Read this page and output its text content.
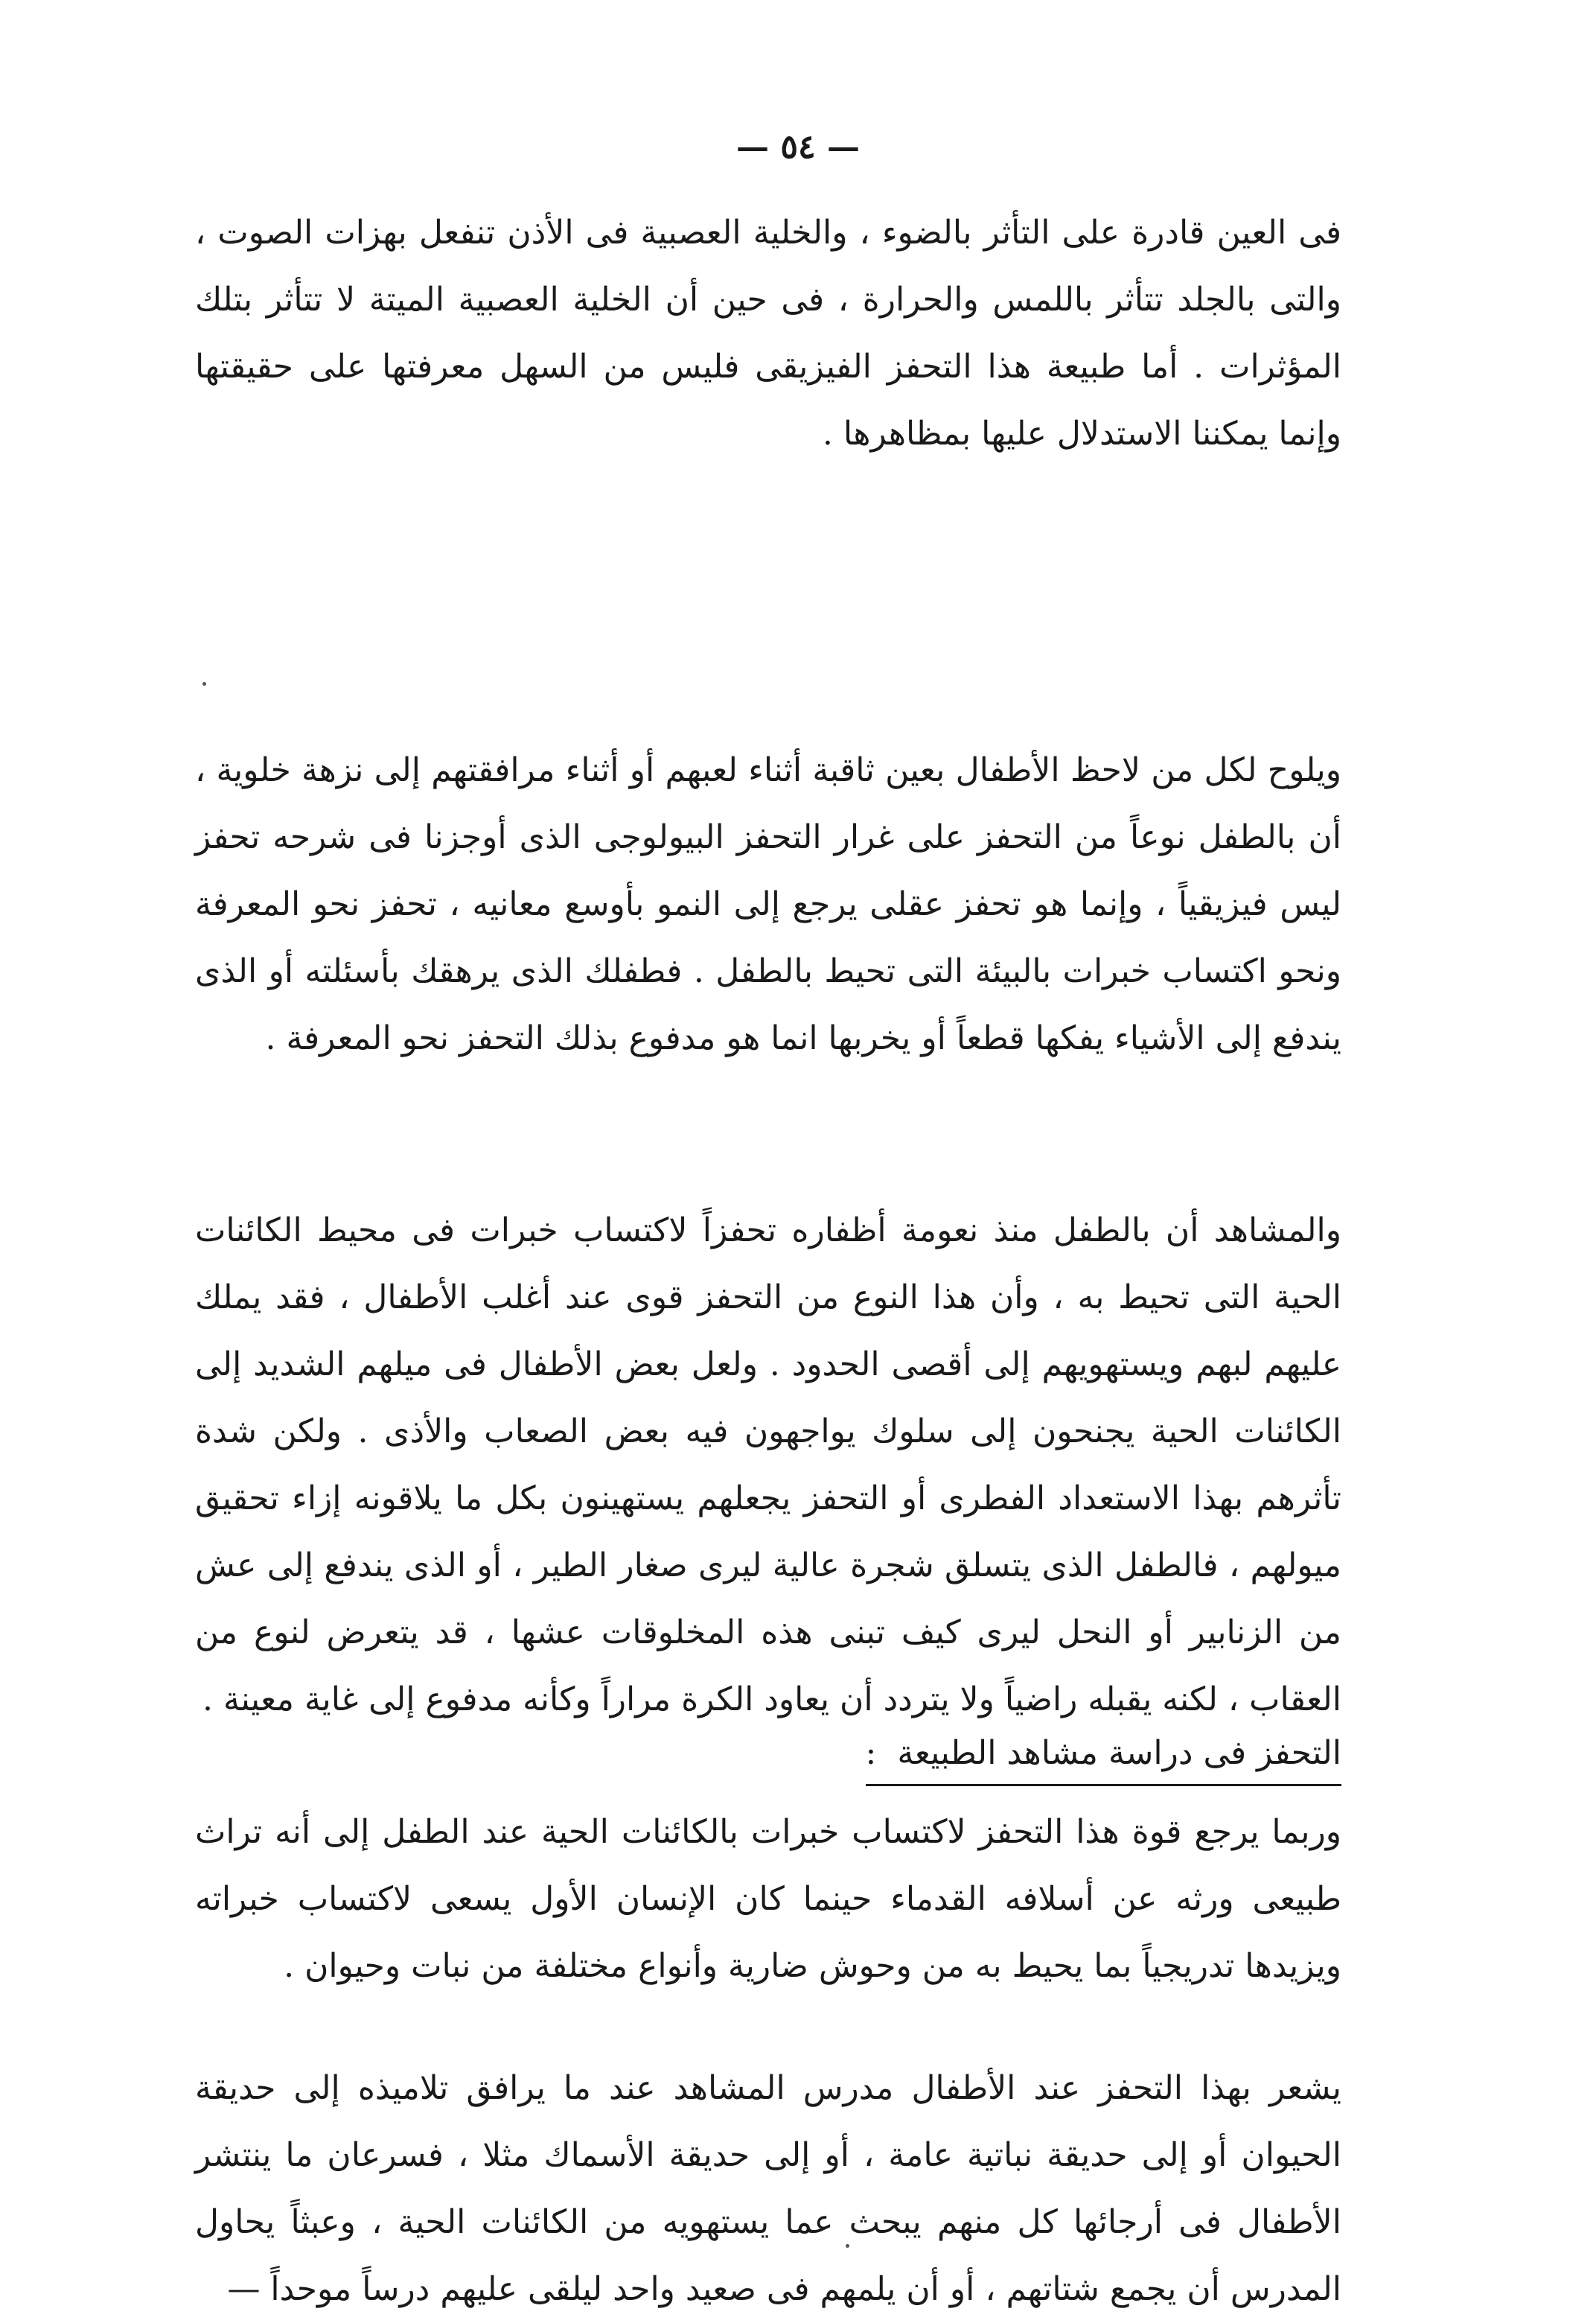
— ٥٤ —

فى العين قادرة على التأثر بالضوء ، والخلية العصبية فى الأذن تنفعل بهزات الصوت ، والتى بالجلد تتأثر باللمس والحرارة ، فى حين أن الخلية العصبية الميتة لا تتأثر بتلك المؤثرات . أما طبيعة هذا التحفز الفيزيقى فليس من السهل معرفتها على حقيقتها وإنما يمكننا الاستدلال عليها بمظاهرها .

ويلوح لكل من لاحظ الأطفال بعين ثاقبة أثناء لعبهم أو أثناء مرافقتهم إلى نزهة خلوية ، أن بالطفل نوعاً من التحفز على غرار التحفز البيولوجى الذى أوجزنا فى شرحه تحفز ليس فيزيقياً ، وإنما هو تحفز عقلى يرجع إلى النمو بأوسع معانيه ، تحفز نحو المعرفة ونحو اكتساب خبرات بالبيئة التى تحيط بالطفل . فطفلك الذى يرهقك بأسئلته أو الذى يندفع إلى الأشياء يفكها قطعاً أو يخربها انما هو مدفوع بذلك التحفز نحو المعرفة .

والمشاهد أن بالطفل منذ نعومة أظفاره تحفزاً لاكتساب خبرات فى محيط الكائنات الحية التى تحيط به ، وأن هذا النوع من التحفز قوى عند أغلب الأطفال ، فقد يملك عليهم لبهم ويستهويهم إلى أقصى الحدود . ولعل بعض الأطفال فى ميلهم الشديد إلى الكائنات الحية يجنحون إلى سلوك يواجهون فيه بعض الصعاب والأذى . ولكن شدة تأثرهم بهذا الاستعداد الفطرى أو التحفز يجعلهم يستهينون بكل ما يلاقونه إزاء تحقيق ميولهم ، فالطفل الذى يتسلق شجرة عالية ليرى صغار الطير ، أو الذى يندفع إلى عش من الزنابير أو النحل ليرى كيف تبنى هذه المخلوقات عشها ، قد يتعرض لنوع من العقاب ، لكنه يقبله راضياً ولا يتردد أن يعاود الكرة مراراً وكأنه مدفوع إلى غاية معينة .

وربما يرجع قوة هذا التحفز لاكتساب خبرات بالكائنات الحية عند الطفل إلى أنه تراث طبيعى ورثه عن أسلافه القدماء حينما كان الإنسان الأول يسعى لاكتساب خبراته ويزيدها تدريجياً بما يحيط به من وحوش ضارية وأنواع مختلفة من نبات وحيوان .

التحفز فى دراسة مشاهد الطبيعة:

يشعر بهذا التحفز عند الأطفال مدرس المشاهد عند ما يرافق تلاميذه إلى حديقة الحيوان أو إلى حديقة نباتية عامة ، أو إلى حديقة الأسماك مثلا ، فسرعان ما ينتشر الأطفال فى أرجائها كل منهم يبحث عما يستهويه من الكائنات الحية ، وعبثاً يحاول المدرس أن يجمع شتاتهم ، أو أن يلمهم فى صعيد واحد ليلقى عليهم درساً موحداً —
